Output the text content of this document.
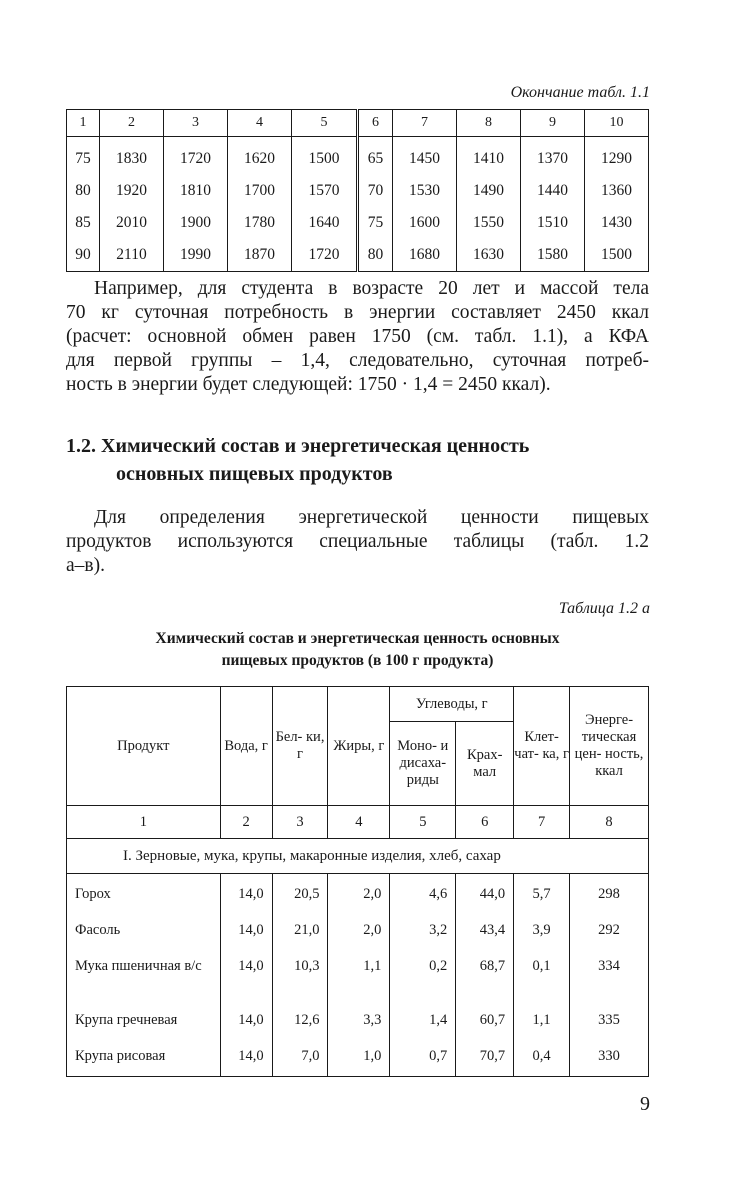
Окончание табл. 1.1
1	2	3	4	5	6	7	8	9	10
75	1830	1720	1620	1500	65	1450	1410	1370	1290
80	1920	1810	1700	1570	70	1530	1490	1440	1360
85	2010	1900	1780	1640	75	1600	1550	1510	1430
90	2110	1990	1870	1720	80	1680	1630	1580	1500
Например, для студента в возрасте 20 лет и массой тела
70 кг суточная потребность в энергии составляет 2450 ккал
(расчет: основной обмен равен 1750 (см. табл. 1.1), а КФА
для первой группы – 1,4, следовательно, суточная потреб-
ность в энергии будет следующей: 1750 · 1,4 = 2450 ккал).
1.2. Химический состав и энергетическая ценность
основных пищевых продуктов
Для определения энергетической ценности пищевых
продуктов используются специальные таблицы (табл. 1.2
а–в).
Таблица 1.2 а
Химический состав и энергетическая ценность основных
пищевых продуктов (в 100 г продукта)
Продукт	Вода, г	Бел- ки, г	Жиры, г	Углеводы, г		Клет- чат- ка, г	Энерге- тическая цен- ность, ккал
				Моно- и дисаха- риды	Крах- мал		
1	2	3	4	5	6	7	8
I. Зерновые, мука, крупы, макаронные изделия, хлеб, сахар							
Горох	14,0	20,5	2,0	4,6	44,0	5,7	298
Фасоль	14,0	21,0	2,0	3,2	43,4	3,9	292
Мука пшеничная в/с	14,0	10,3	1,1	0,2	68,7	0,1	334
Крупа гречневая	14,0	12,6	3,3	1,4	60,7	1,1	335
Крупа рисовая	14,0	7,0	1,0	0,7	70,7	0,4	330
9
